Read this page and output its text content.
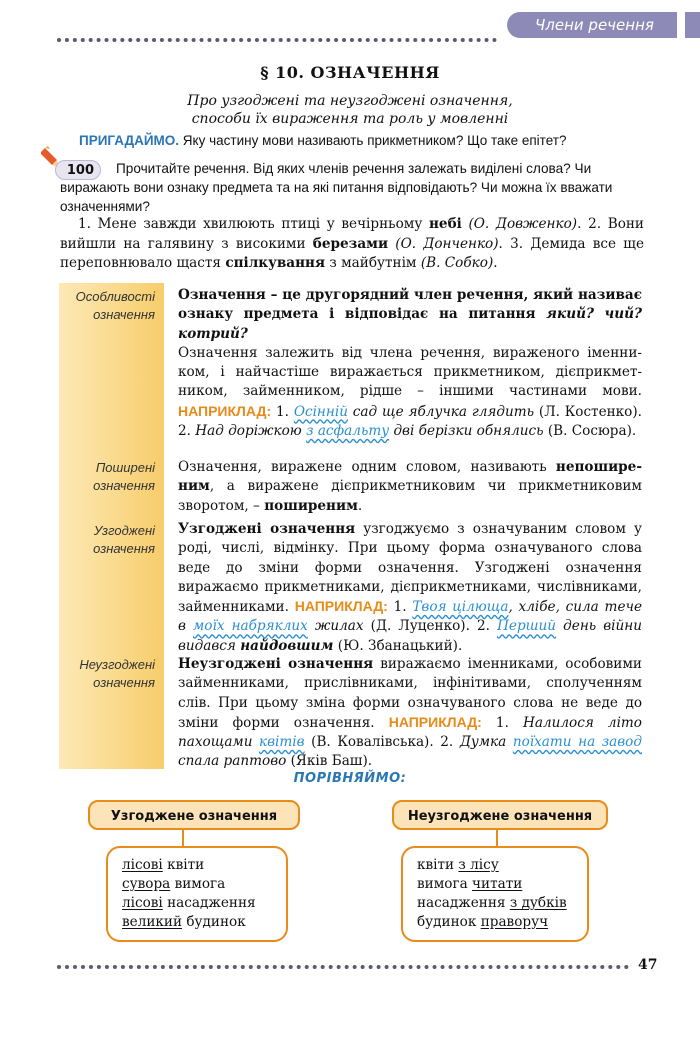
Члени речення
§ 10. ОЗНАЧЕННЯ
Про узгоджені та неузгоджені означення,
способи їх вираження та роль у мовленні
ПРИГАДАЙМО. Яку частину мови називають прикметником? Що таке епітет?
100	Прочитайте речення. Від яких членів речення залежать виділені слова? Чи виражають вони ознаку предмета та на які питання відповідають? Чи можна їх вважати означеннями?
1. Мене завжди хвилюють птиці у вечірньому небі (О. Довженко). 2. Вони вийшли на галявину з високими березами (О. Донченко). 3. Демида все ще переповнювало щастя спілкування з майбутнім (В. Собко).
Особливості означення
Поширені означення
Узгоджені означення
Неузгоджені означення
Означення – це другорядний член речення, який називає ознаку предмета і відповідає на питання який? чий? котрий?
Означення залежить від члена речення, вираженого іменником, і найчастіше виражається прикметником, дієприкметником, займенником, рідше – іншими частинами мови. НАПРИКЛАД: 1. Осінній сад ще яблучка глядить (Л. Костенко). 2. Над доріжкою з асфальту дві берізки обнялись (В. Сосюра).
Означення, виражене одним словом, називають непоширеним, а виражене дієприкметниковим чи прикметниковим зворотом, – поширеним.
Узгоджені означення узгоджуємо з означуваним словом у роді, числі, відмінку. При цьому форма означуваного слова веде до зміни форми означення. Узгоджені означення виражаємо прикметниками, дієприкметниками, числівниками, займенниками. НАПРИКЛАД: 1. Твоя цілюща, хлібе, сила тече в моїх набряклих жилах (Д. Луценко). 2. Перший день війни видався найдовшим (Ю. Збанацький).
Неузгоджені означення виражаємо іменниками, особовими займенниками, прислівниками, інфінітивами, сполученням слів. При цьому зміна форми означуваного слова не веде до зміни форми означення. НАПРИКЛАД: 1. Налилося літо пахощами квітів (В. Ковалівська). 2. Думка поїхати на завод спала раптово (Яків Баш).
ПОРІВНЯЙМО:
Узгоджене означення	Неузгоджене означення
лісові квіти
сувора вимога
лісові насадження
великий будинок
квіти з лісу
вимога читати
насадження з дубків
будинок праворуч
47
